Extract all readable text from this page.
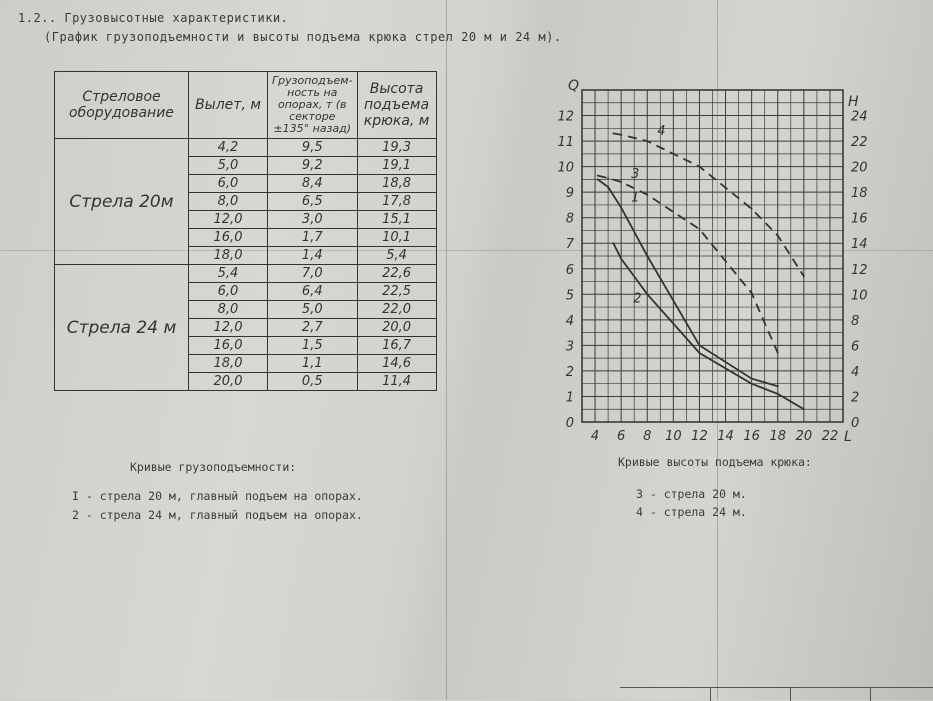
1.2.. Грузовысотные характеристики.
(График грузоподъемности и высоты подъема крюка стрел 20 м и 24 м).
Стреловое оборудование	Вылет, м	Грузоподъем- ность на опорах, т (в секторе ±135° назад)	Высота подъема крюка, м
Стрела 20м	4,2	9,5	19,3
	5,0	9,2	19,1
	6,0	8,4	18,8
	8,0	6,5	17,8
	12,0	3,0	15,1
	16,0	1,7	10,1
	18,0	1,4	5,4
Стрела 24 м	5,4	7,0	22,6
	6,0	6,4	22,5
	8,0	5,0	22,0
	12,0	2,7	20,0
	16,0	1,5	16,7
	18,0	1,1	14,6
	20,0	0,5	11,4
4 6 8 10 12 14 16 18 20 22
0
1
2
3
4
5
6
7
8
9
10
11
12
0
2
4
6
8
10
12
14
16
18
20
22
24
1
2
3
4
Q
H
L
Кривые грузоподъемности:
I - стрела 20 м, главный подъем на опорах.
2 - стрела 24 м, главный подъем на опорах.
Кривые высоты подъема крюка:
3 - стрела 20 м.
4 - стрела 24 м.
